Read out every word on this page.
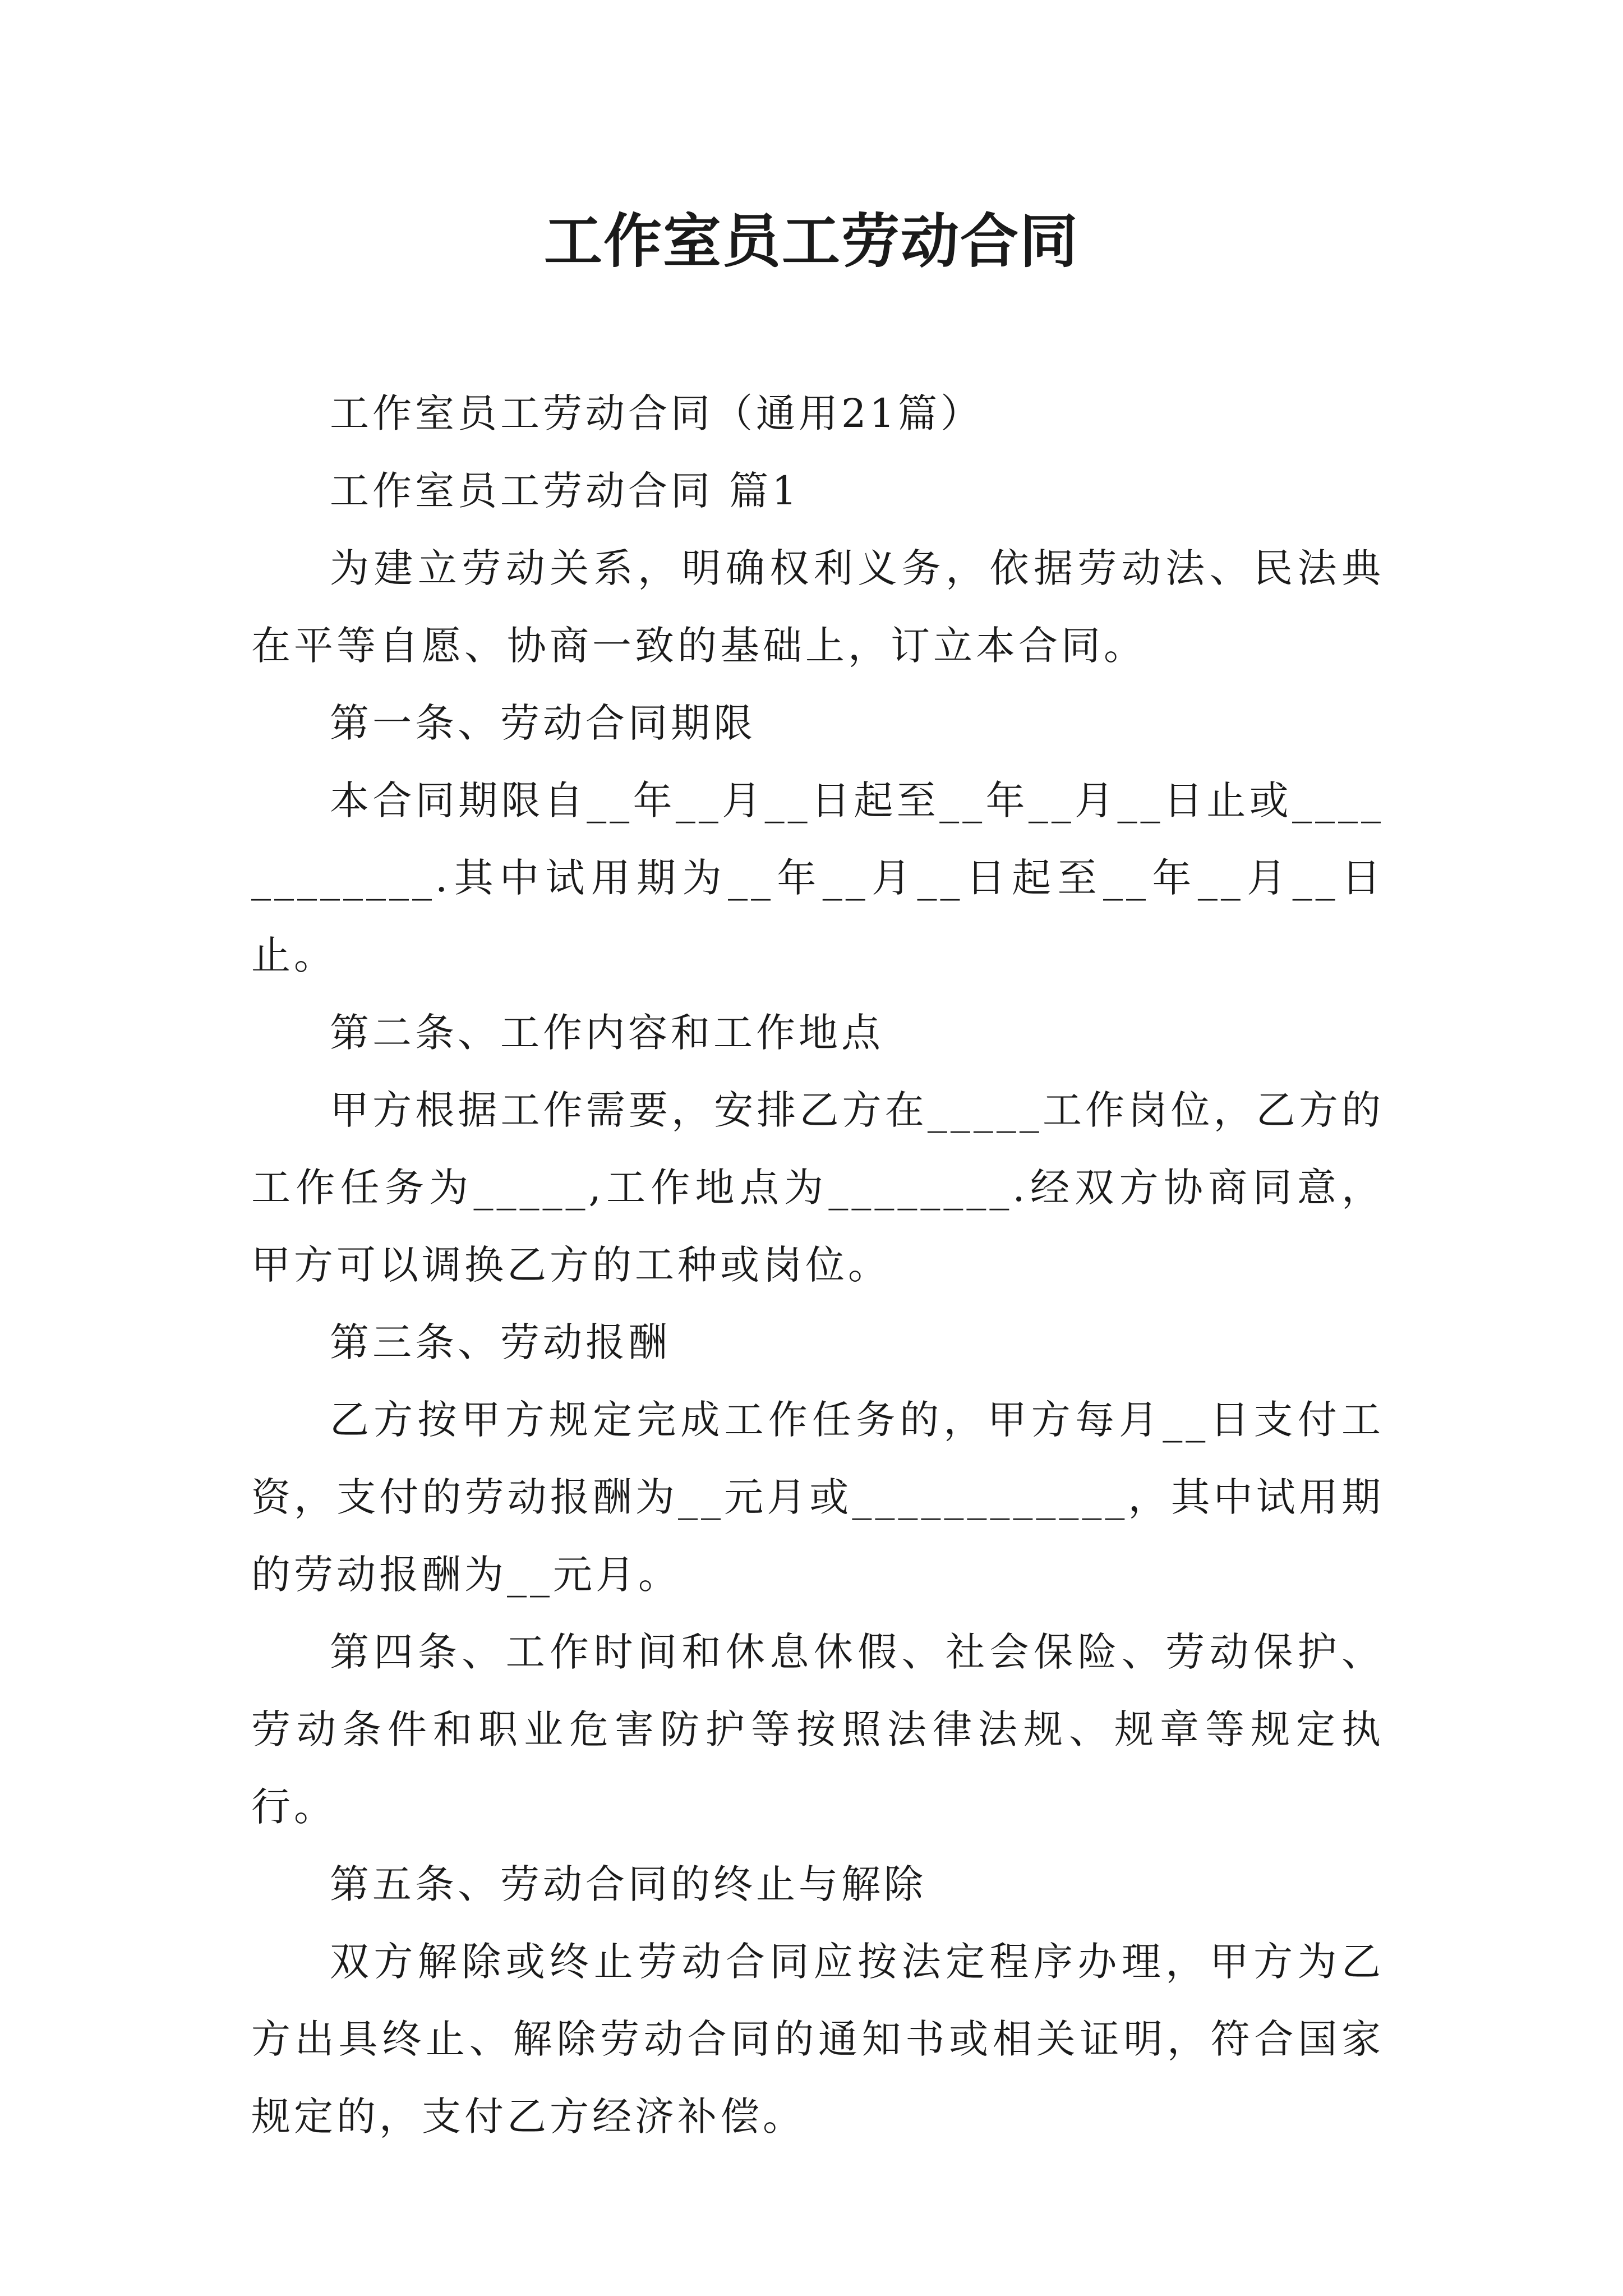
工作室员工劳动合同

工作室员工劳动合同（通用21篇）

工作室员工劳动合同 篇1

为建立劳动关系，明确权利义务，依据劳动法、民法典在平等自愿、协商一致的基础上，订立本合同。

第一条、劳动合同期限

本合同期限自__年__月__日起至__年__月__日止或____________.其中试用期为__年__月__日起至__年__月__日止。

第二条、工作内容和工作地点

甲方根据工作需要，安排乙方在_____工作岗位，乙方的工作任务为_____,工作地点为________.经双方协商同意，甲方可以调换乙方的工种或岗位。

第三条、劳动报酬

乙方按甲方规定完成工作任务的，甲方每月__日支付工资，支付的劳动报酬为__元月或____________，其中试用期的劳动报酬为__元月。

第四条、工作时间和休息休假、社会保险、劳动保护、劳动条件和职业危害防护等按照法律法规、规章等规定执行。

第五条、劳动合同的终止与解除

双方解除或终止劳动合同应按法定程序办理，甲方为乙方出具终止、解除劳动合同的通知书或相关证明，符合国家规定的，支付乙方经济补偿。
